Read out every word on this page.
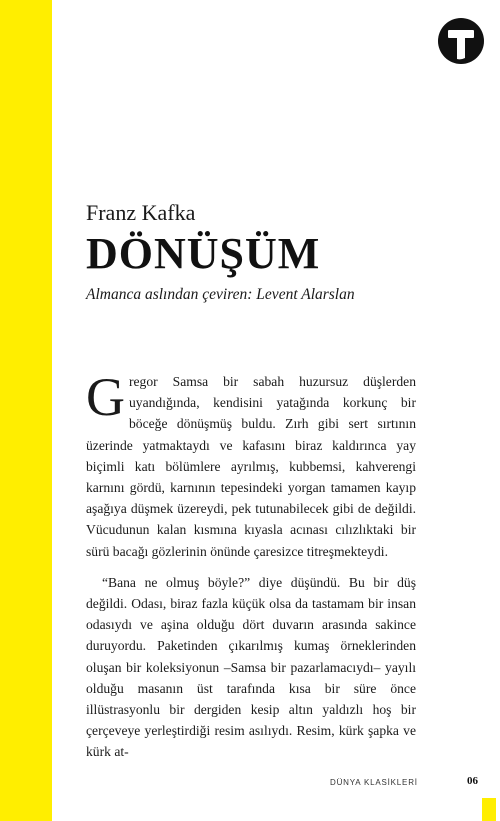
Franz Kafka
DÖNÜŞÜM
Almanca aslından çeviren: Levent Alarslan

Gregor Samsa bir sabah huzursuz düşlerden uyandığında, kendisini yatağında korkunç bir böceğe dönüşmüş buldu. Zırh gibi sert sırtının üzerinde yatmaktaydı ve kafasını biraz kaldırınca yay biçimli katı bölümlere ayrılmış, kubbemsi, kahverengi karnını gördü, karnının tepesindeki yorgan tamamen kayıp aşağıya düşmek üzereydi, pek tutunabilecek gibi de değildi. Vücudunun kalan kısmına kıyasla acınası cılızlıktaki bir sürü bacağı gözlerinin önünde çaresizce titreşmekteydi.

“Bana ne olmuş böyle?” diye düşündü. Bu bir düş değildi. Odası, biraz fazla küçük olsa da tastamam bir insan odasıydı ve aşina olduğu dört duvarın arasında sakince duruyordu. Paketinden çıkarılmış kumaş örneklerinden oluşan bir koleksiyonun –Samsa bir pazarlamacıydı– yayılı olduğu masanın üst tarafında kısa bir süre önce illüstrasyonlu bir dergiden kesip altın yaldızlı hoş bir çerçeveye yerleştirdiği resim asılıydı. Resim, kürk şapka ve kürk at-

DÜNYA KLASİKLERİ	06
